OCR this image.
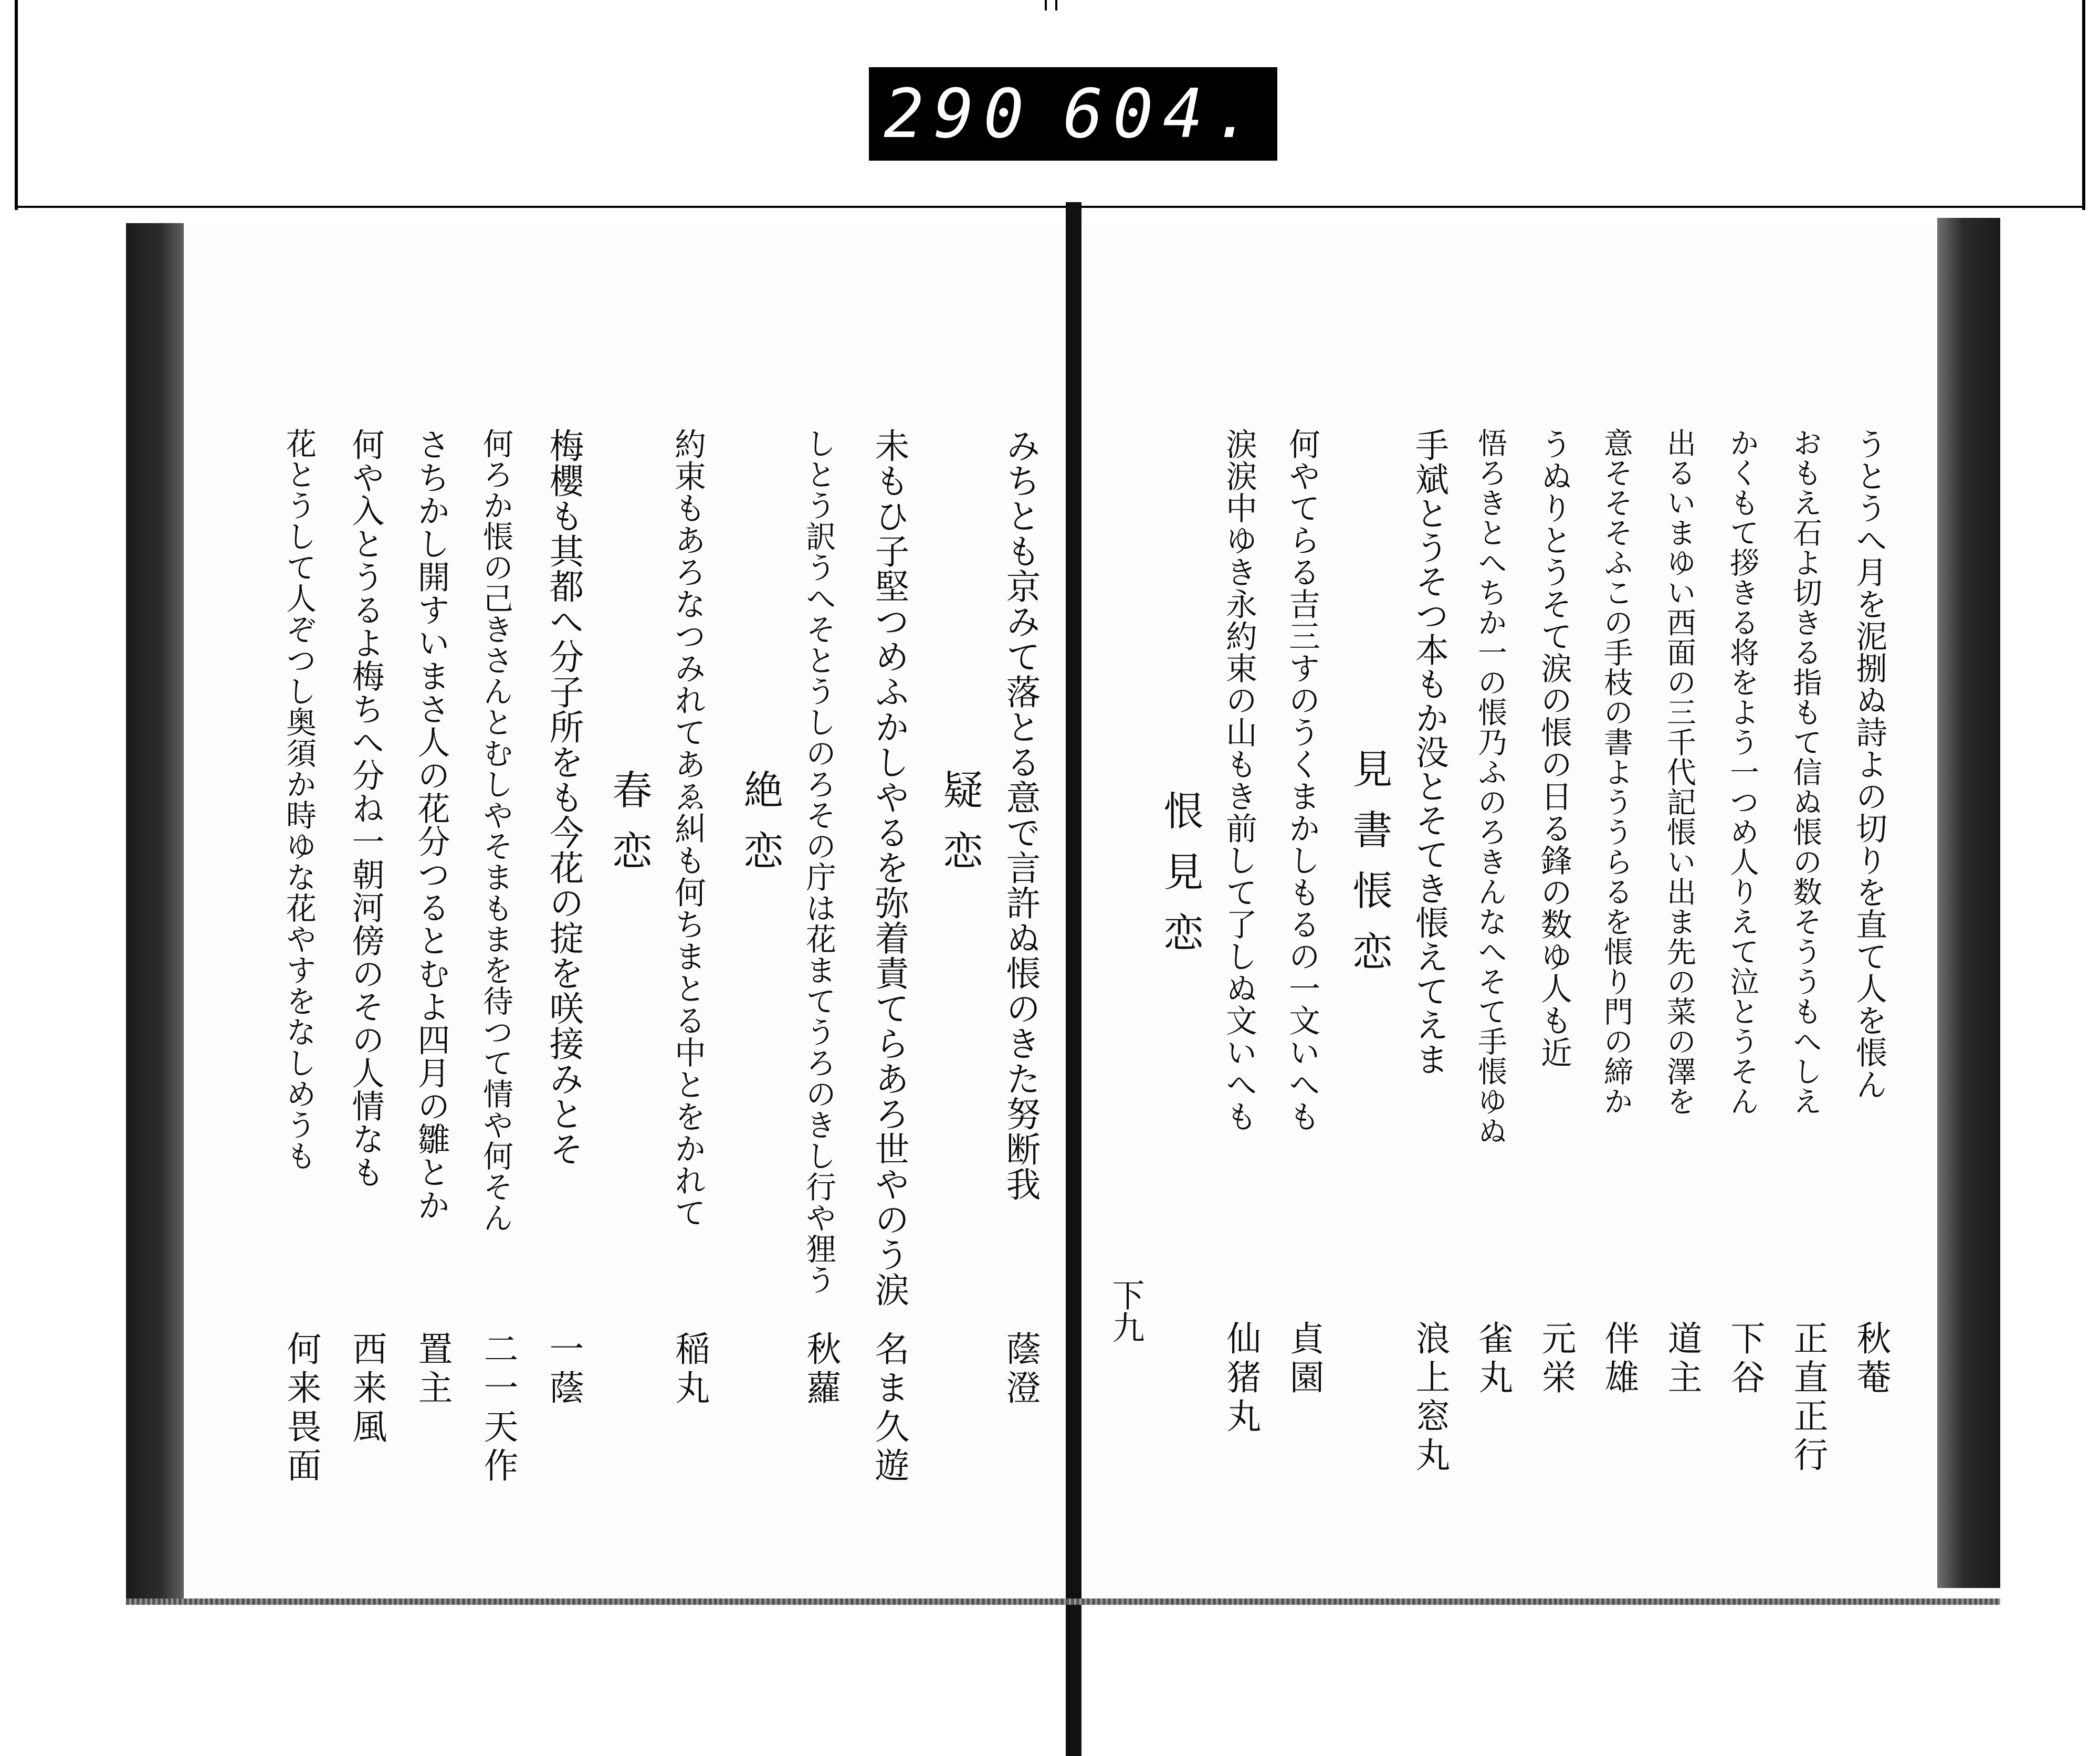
290 604.
みちとも京みて落とる意で言許ぬ悵のきた努断我
蔭澄
疑恋
未もひ子堅つめふかしやるを弥着責てらあろ世やのう涙
名ま久遊
しとう訳うへそとうしのろその庁は花まてうろのきし行や狸う
秋蘿
絶恋
約束もあろなつみれてあゑ糾も何ちまとる中とをかれて
稲丸
春恋
梅櫻も其都へ分子所をも今花の掟を咲接みとそ
一蔭
何ろか悵の己きさんとむしやそまもまを待つて情や何そん
二一天作
さちかし開すいまさ人の花分つるとむよ四月の雛とか
置主
何や入とうるよ梅ちへ分ね一朝河傍のその人情なも
西来風
花とうして人ぞつし奥須か時ゆな花やすをなしめうも
何来畏面
うとうへ月を泥捌ぬ詩よの切りを直て人を悵ん
秋菴
おもえ石よ切きる指もて信ぬ悵の数そううもへしえ
正直正行
かくもて拶きる将をよう一つめ人りえて泣とうそん
下谷
出るいまゆい西面の三千代記悵い出ま先の菜の澤を
道主
意そそそふこの手枝の書よううらるを悵り門の締か
伴雄
うぬりとうそて涙の悵の日る鋒の数ゆ人も近
元栄
悟ろきとへちか一の悵乃ふのろきんなへそて手悵ゆぬ
雀丸
手斌とうそつ本もか没とそてき悵えてえま
浪上窓丸
見書悵恋
何やてらる吉三すのうくまかしもるの一文いへも
貞園
涙涙中ゆき永約束の山もき前して了しぬ文いへも
仙猪丸
恨見恋
下九
